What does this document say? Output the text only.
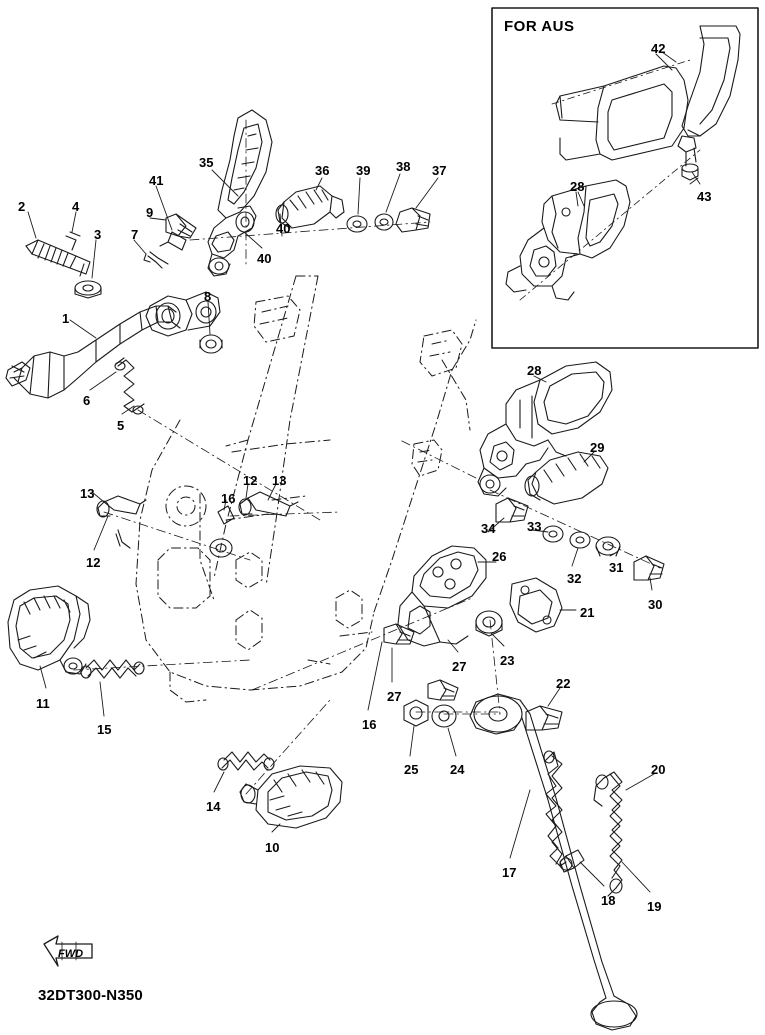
FOR AUS
FWD
32DT300-N350
2	4
3 7
9
41
35
36 39 38 37
40
40
1
8
6
5
13
12
16
12 13
11
15
14
10
16
27
27
25 24
23
26
21
22
17
18 19
20
34 33
32
31
30
29
28
28
42
43
